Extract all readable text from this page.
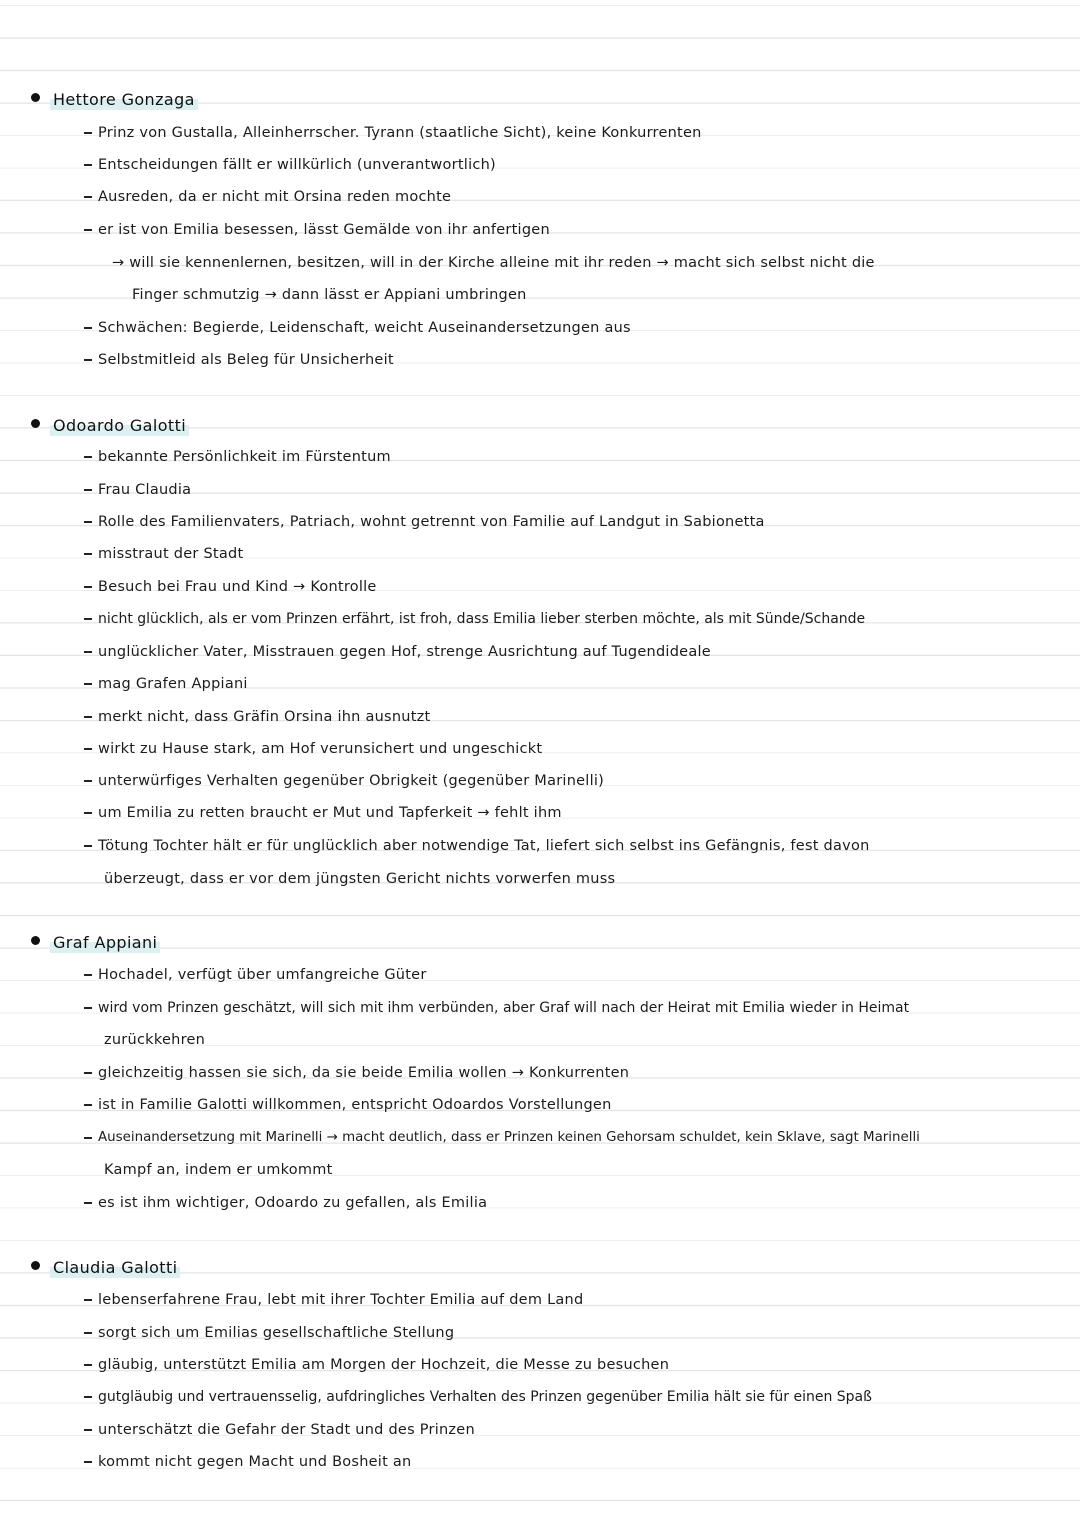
Hettore Gonzaga
Prinz von Gustalla, Alleinherrscher. Tyrann (staatliche Sicht), keine Konkurrenten
Entscheidungen fällt er willkürlich (unverantwortlich)
Ausreden, da er nicht mit Orsina reden mochte
er ist von Emilia besessen, lässt Gemälde von ihr anfertigen
→ will sie kennenlernen, besitzen, will in der Kirche alleine mit ihr reden → macht sich selbst nicht die
Finger schmutzig → dann lässt er Appiani umbringen
Schwächen: Begierde, Leidenschaft, weicht Auseinandersetzungen aus
Selbstmitleid als Beleg für Unsicherheit
Odoardo Galotti
bekannte Persönlichkeit im Fürstentum
Frau Claudia
Rolle des Familienvaters, Patriach, wohnt getrennt von Familie auf Landgut in Sabionetta
misstraut der Stadt
Besuch bei Frau und Kind → Kontrolle
nicht glücklich, als er vom Prinzen erfährt, ist froh, dass Emilia lieber sterben möchte, als mit Sünde/Schande
unglücklicher Vater, Misstrauen gegen Hof, strenge Ausrichtung auf Tugendideale
mag Grafen Appiani
merkt nicht, dass Gräfin Orsina ihn ausnutzt
wirkt zu Hause stark, am Hof verunsichert und ungeschickt
unterwürfiges Verhalten gegenüber Obrigkeit (gegenüber Marinelli)
um Emilia zu retten braucht er Mut und Tapferkeit → fehlt ihm
Tötung Tochter hält er für unglücklich aber notwendige Tat, liefert sich selbst ins Gefängnis, fest davon
überzeugt, dass er vor dem jüngsten Gericht nichts vorwerfen muss
Graf Appiani
Hochadel, verfügt über umfangreiche Güter
wird vom Prinzen geschätzt, will sich mit ihm verbünden, aber Graf will nach der Heirat mit Emilia wieder in Heimat
zurückkehren
gleichzeitig hassen sie sich, da sie beide Emilia wollen → Konkurrenten
ist in Familie Galotti willkommen, entspricht Odoardos Vorstellungen
Auseinandersetzung mit Marinelli → macht deutlich, dass er Prinzen keinen Gehorsam schuldet, kein Sklave, sagt Marinelli
Kampf an, indem er umkommt
es ist ihm wichtiger, Odoardo zu gefallen, als Emilia
Claudia Galotti
lebenserfahrene Frau, lebt mit ihrer Tochter Emilia auf dem Land
sorgt sich um Emilias gesellschaftliche Stellung
gläubig, unterstützt Emilia am Morgen der Hochzeit, die Messe zu besuchen
gutgläubig und vertrauensselig, aufdringliches Verhalten des Prinzen gegenüber Emilia hält sie für einen Spaß
unterschätzt die Gefahr der Stadt und des Prinzen
kommt nicht gegen Macht und Bosheit an
